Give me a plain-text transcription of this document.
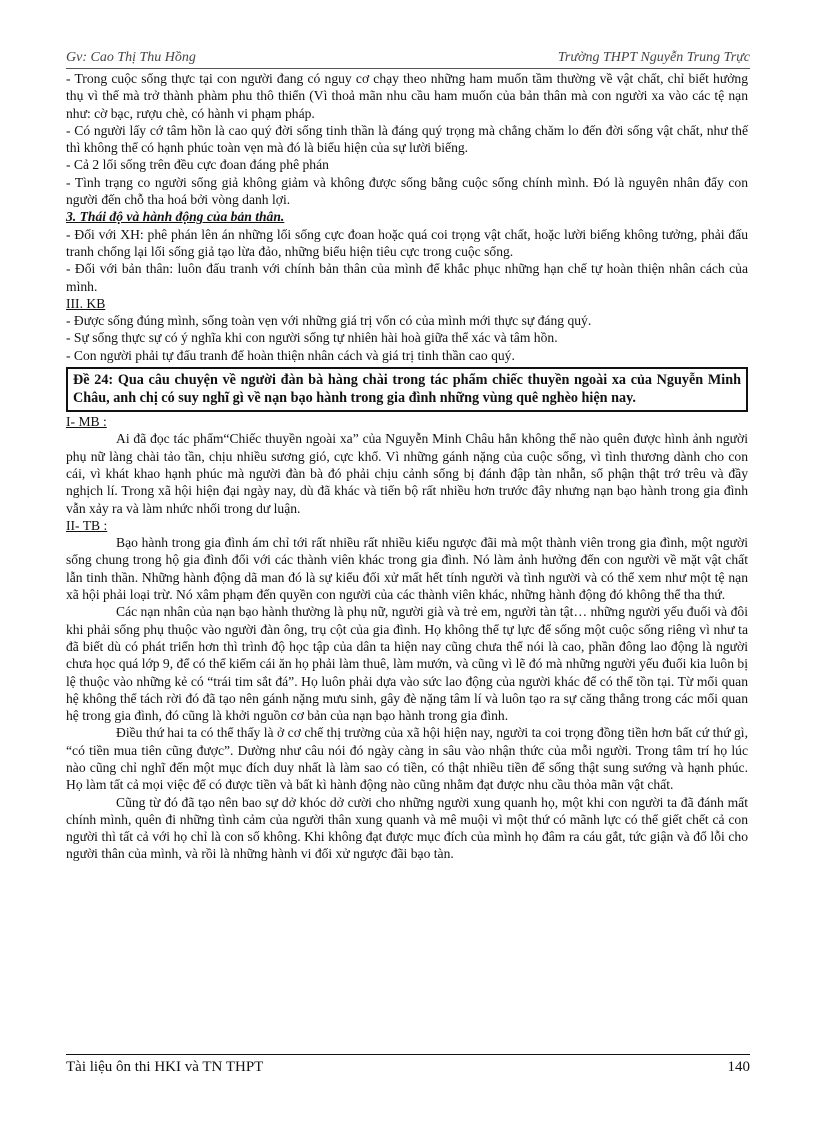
Gv: Cao Thị Thu Hồng	Trường THPT Nguyễn Trung Trực

- Trong cuộc sống thực tại con người đang có nguy cơ chạy theo những ham muốn tầm thường về vật chất, chỉ biết hưởng thụ vì thế mà trở thành phàm phu thô thiển (Vì thoả mãn nhu cầu ham muốn của bản thân mà con người xa vào các tệ nạn như: cờ bạc, rượu chè, có hành vi phạm pháp.

- Có người lấy cớ tâm hồn là cao quý đời sống tinh thần là đáng quý trọng mà chẳng chăm lo đến đời sống vật chất, như thế thì không thể có hạnh phúc toàn vẹn mà đó là biểu hiện của sự lười biếng.

- Cả 2 lối sống trên đều cực đoan đáng phê phán

- Tình trạng co người sống giả không giảm và không được sống bằng cuộc sống chính mình. Đó là nguyên nhân đẩy con người đến chỗ tha hoá bởi vòng danh lợi.

3. Thái độ và hành động của bản thân.

- Đối với XH: phê phán lên án những lối sống cực đoan hoặc quá coi trọng vật chất, hoặc lười biếng không tưởng, phải đấu tranh chống lại lối sống giả tạo lừa đảo, những biểu hiện tiêu cực trong cuộc sống.

- Đối với bản thân: luôn đấu tranh với chính bản thân của mình để khắc phục những hạn chế tự hoàn thiện nhân cách của mình.

III. KB

- Được sống đúng mình, sống toàn vẹn với những giá trị vốn có của mình mới thực sự đáng quý.

- Sự sống thực sự có ý nghĩa khi con người sống tự nhiên hài hoà giữa thể xác và tâm hồn.

- Con người phải tự đấu tranh để hoàn thiện nhân cách và giá trị tinh thần cao quý.

Đề 24: Qua câu chuyện về người đàn bà hàng chài trong tác phẩm chiếc thuyền ngoài xa của Nguyễn Minh Châu, anh chị có suy nghĩ gì về nạn bạo hành trong gia đình những vùng quê nghèo hiện nay.

I- MB :

Ai đã đọc tác phẩm“Chiếc thuyền ngoài xa” của Nguyễn Minh Châu hẳn không thể nào quên được hình ảnh người phụ nữ làng chài tảo tần, chịu nhiều sương gió, cực khổ. Vì những gánh nặng của cuộc sống, vì tình thương dành cho con cái, vì khát khao hạnh phúc mà người đàn bà đó phải chịu cảnh sống bị đánh đập tàn nhẫn, số phận thật trớ trêu và đầy nghịch lí. Trong xã hội hiện đại ngày nay, dù đã khác và tiến bộ rất nhiều hơn trước đây nhưng nạn bạo hành trong gia đình vẫn xảy ra và làm nhức nhối trong dư luận.

II- TB :

Bạo hành trong gia đình ám chỉ tới rất nhiều rất nhiều kiểu ngược đãi mà một thành viên trong gia đình, một người sống chung trong hộ gia đình đối với các thành viên khác trong gia đình. Nó làm ảnh hưởng đến con người về mặt vật chất lẫn tinh thần. Những hành động dã man đó là sự kiểu đối xử mất hết tính người và tình người và có thể xem như một tệ nạn xã hội phải loại trừ. Nó xâm phạm đến quyền con người của các thành viên khác, những hành động đó không thể tha thứ.

Các nạn nhân của nạn bạo hành thường là phụ nữ, người già và trẻ em, người tàn tật… những người yếu đuối và đôi khi phải sống phụ thuộc vào người đàn ông, trụ cột của gia đình. Họ không thể tự lực để sống một cuộc sống riêng vì như ta đã biết dù có phát triển hơn thì trình độ học tập của dân ta hiện nay cũng chưa thể nói là cao, phần đông lao động là người chưa học quá lớp 9, để có thể kiếm cái ăn họ phải làm thuê, làm mướn, và cũng vì lẽ đó mà những người yếu đuối kia luôn bị lệ thuộc vào những kẻ có “trái tim sắt đá”. Họ luôn phải dựa vào sức lao động của người khác để có thể tồn tại. Từ mối quan hệ không thể tách rời đó đã tạo nên gánh nặng mưu sinh, gây đè nặng tâm lí và luôn tạo ra sự căng thẳng trong các mối quan hệ trong gia đình, đó cũng là khởi nguồn cơ bản của nạn bạo hành trong gia đình.

Điều thứ hai ta có thể thấy là ở cơ chế thị trường của xã hội hiện nay, người ta coi trọng đồng tiền hơn bất cứ thứ gì, “có tiền mua tiên cũng được”. Dường như câu nói đó ngày càng in sâu vào nhận thức của mỗi người. Trong tâm trí họ lúc nào cũng chỉ nghĩ đến một mục đích duy nhất là làm sao có tiền, có thật nhiều tiền để sống thật sung sướng và hạnh phúc. Họ làm tất cả mọi việc để có được tiền và bất kì hành động nào cũng nhằm đạt được nhu cầu thỏa mãn vật chất.

Cũng từ đó đã tạo nên bao sự dở khóc dở cười cho những người xung quanh họ, một khi con người ta đã đánh mất chính mình, quên đi những tình cảm của người thân xung quanh và mê muội vì một thứ có mãnh lực có thể giết chết cả con người thì tất cả với họ chỉ là con số không. Khi không đạt được mục đích của mình họ đâm ra cáu gắt, tức giận và đổ lỗi cho người thân của mình, và rồi là những hành vi đối xử ngược đãi bạo tàn.

Tài liệu ôn thi HKI và TN THPT	140
